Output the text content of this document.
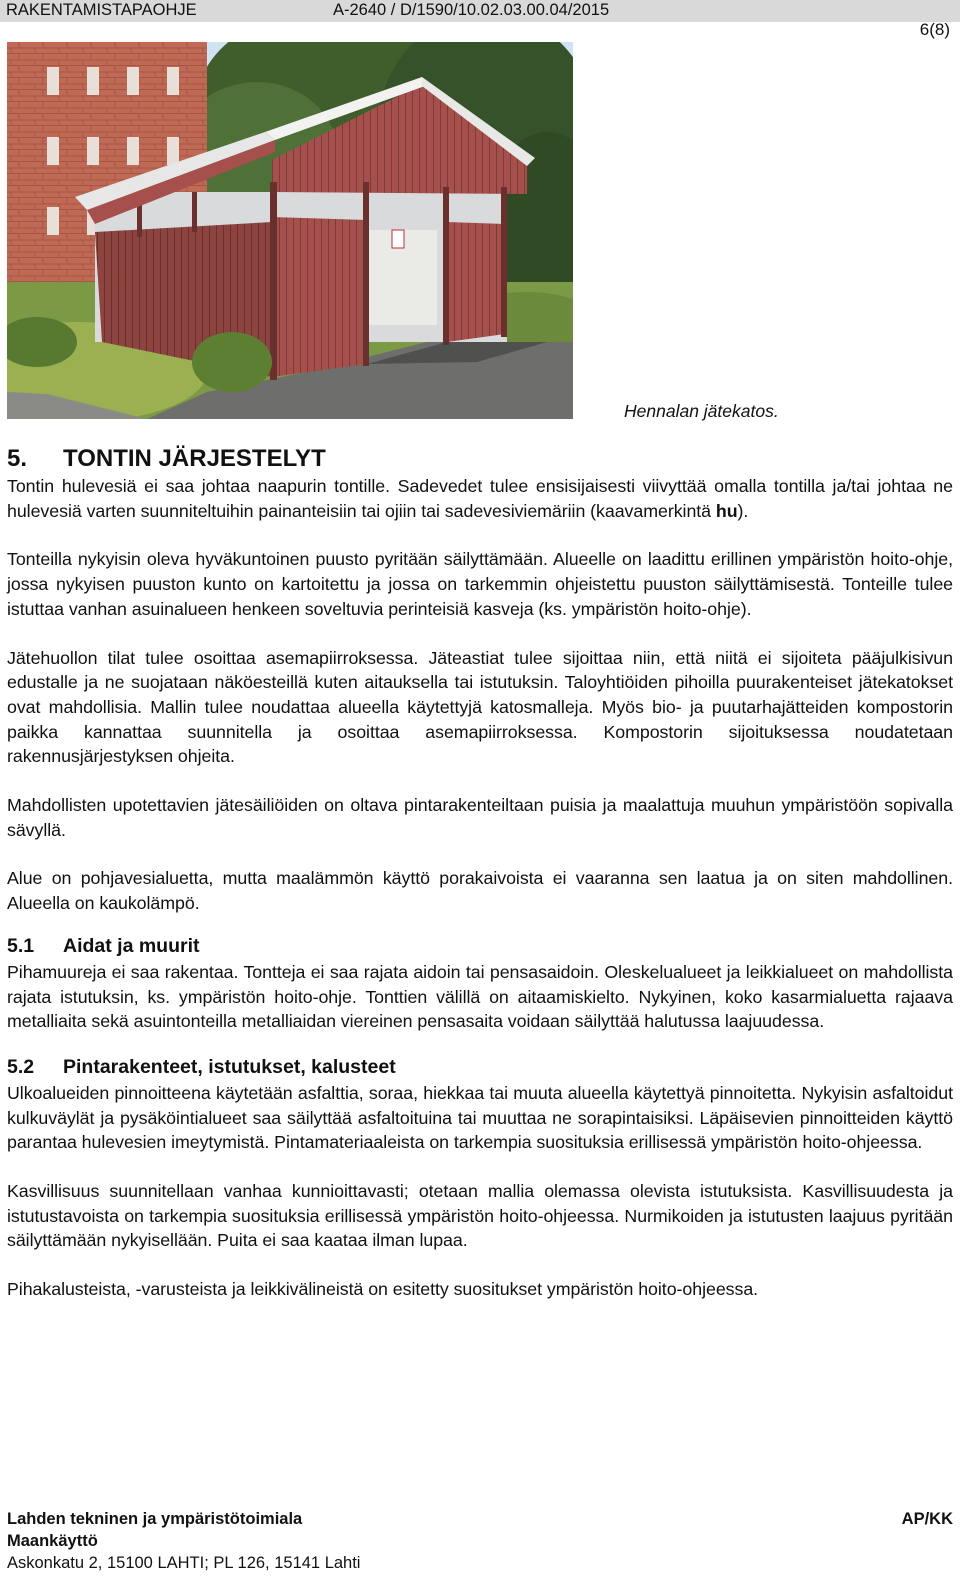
RAKENTAMISTAPAOHJE	A-2640 / D/1590/10.02.03.00.04/2015
6(8)
Hennalan jätekatos.
5.	TONTIN JÄRJESTELYT

Tontin hulevesiä ei saa johtaa naapurin tontille. Sadevedet tulee ensisijaisesti viivyttää omalla tontilla ja/tai johtaa ne hulevesiä varten suunniteltuihin painanteisiin tai ojiin tai sadevesiviemäriin (kaavamerkintä hu).

Tonteilla nykyisin oleva hyväkuntoinen puusto pyritään säilyttämään. Alueelle on laadittu erillinen ympäristön hoito-ohje, jossa nykyisen puuston kunto on kartoitettu ja jossa on tarkemmin ohjeistettu puuston säilyttämisestä. Tonteille tulee istuttaa vanhan asuinalueen henkeen soveltuvia perinteisiä kasveja (ks. ympäristön hoito-ohje).

Jätehuollon tilat tulee osoittaa asemapiirroksessa. Jäteastiat tulee sijoittaa niin, että niitä ei sijoiteta pääjulkisivun edustalle ja ne suojataan näköesteillä kuten aitauksella tai istutuksin. Taloyhtiöiden pihoilla puurakenteiset jätekatokset ovat mahdollisia. Mallin tulee noudattaa alueella käytettyjä katosmalleja. Myös bio- ja puutarhajätteiden kompostorin paikka kannattaa suunnitella ja osoittaa asemapiirroksessa. Kompostorin sijoituksessa noudatetaan rakennusjärjestyksen ohjeita.

Mahdollisten upotettavien jätesäiliöiden on oltava pintarakenteiltaan puisia ja maalattuja muuhun ympäristöön sopivalla sävyllä.

Alue on pohjavesialuetta, mutta maalämmön käyttö porakaivoista ei vaaranna sen laatua ja on siten mahdollinen. Alueella on kaukolämpö.

5.1	Aidat ja muurit

Pihamuureja ei saa rakentaa. Tontteja ei saa rajata aidoin tai pensasaidoin. Oleskelualueet ja leikkialueet on mahdollista rajata istutuksin, ks. ympäristön hoito-ohje. Tonttien välillä on aitaamiskielto. Nykyinen, koko kasarmialuetta rajaava metalliaita sekä asuintonteilla metalliaidan viereinen pensasaita voidaan säilyttää halutussa laajuudessa.

5.2	Pintarakenteet, istutukset, kalusteet

Ulkoalueiden pinnoitteena käytetään asfalttia, soraa, hiekkaa tai muuta alueella käytettyä pinnoitetta. Nykyisin asfaltoidut kulkuväylät ja pysäköintialueet saa säilyttää asfaltoituina tai muuttaa ne sorapintaisiksi. Läpäisevien pinnoitteiden käyttö parantaa hulevesien imeytymistä. Pintamateriaaleista on tarkempia suosituksia erillisessä ympäristön hoito-ohjeessa.

Kasvillisuus suunnitellaan vanhaa kunnioittavasti; otetaan mallia olemassa olevista istutuksista. Kasvillisuudesta ja istutustavoista on tarkempia suosituksia erillisessä ympäristön hoito-ohjeessa. Nurmikoiden ja istutusten laajuus pyritään säilyttämään nykyisellään. Puita ei saa kaataa ilman lupaa.

Pihakalusteista, -varusteista ja leikkivälineistä on esitetty suositukset ympäristön hoito-ohjeessa.

Lahden tekninen ja ympäristötoimiala
Maankäyttö
Askonkatu 2, 15100 LAHTI; PL 126, 15141 Lahti
AP/KK
